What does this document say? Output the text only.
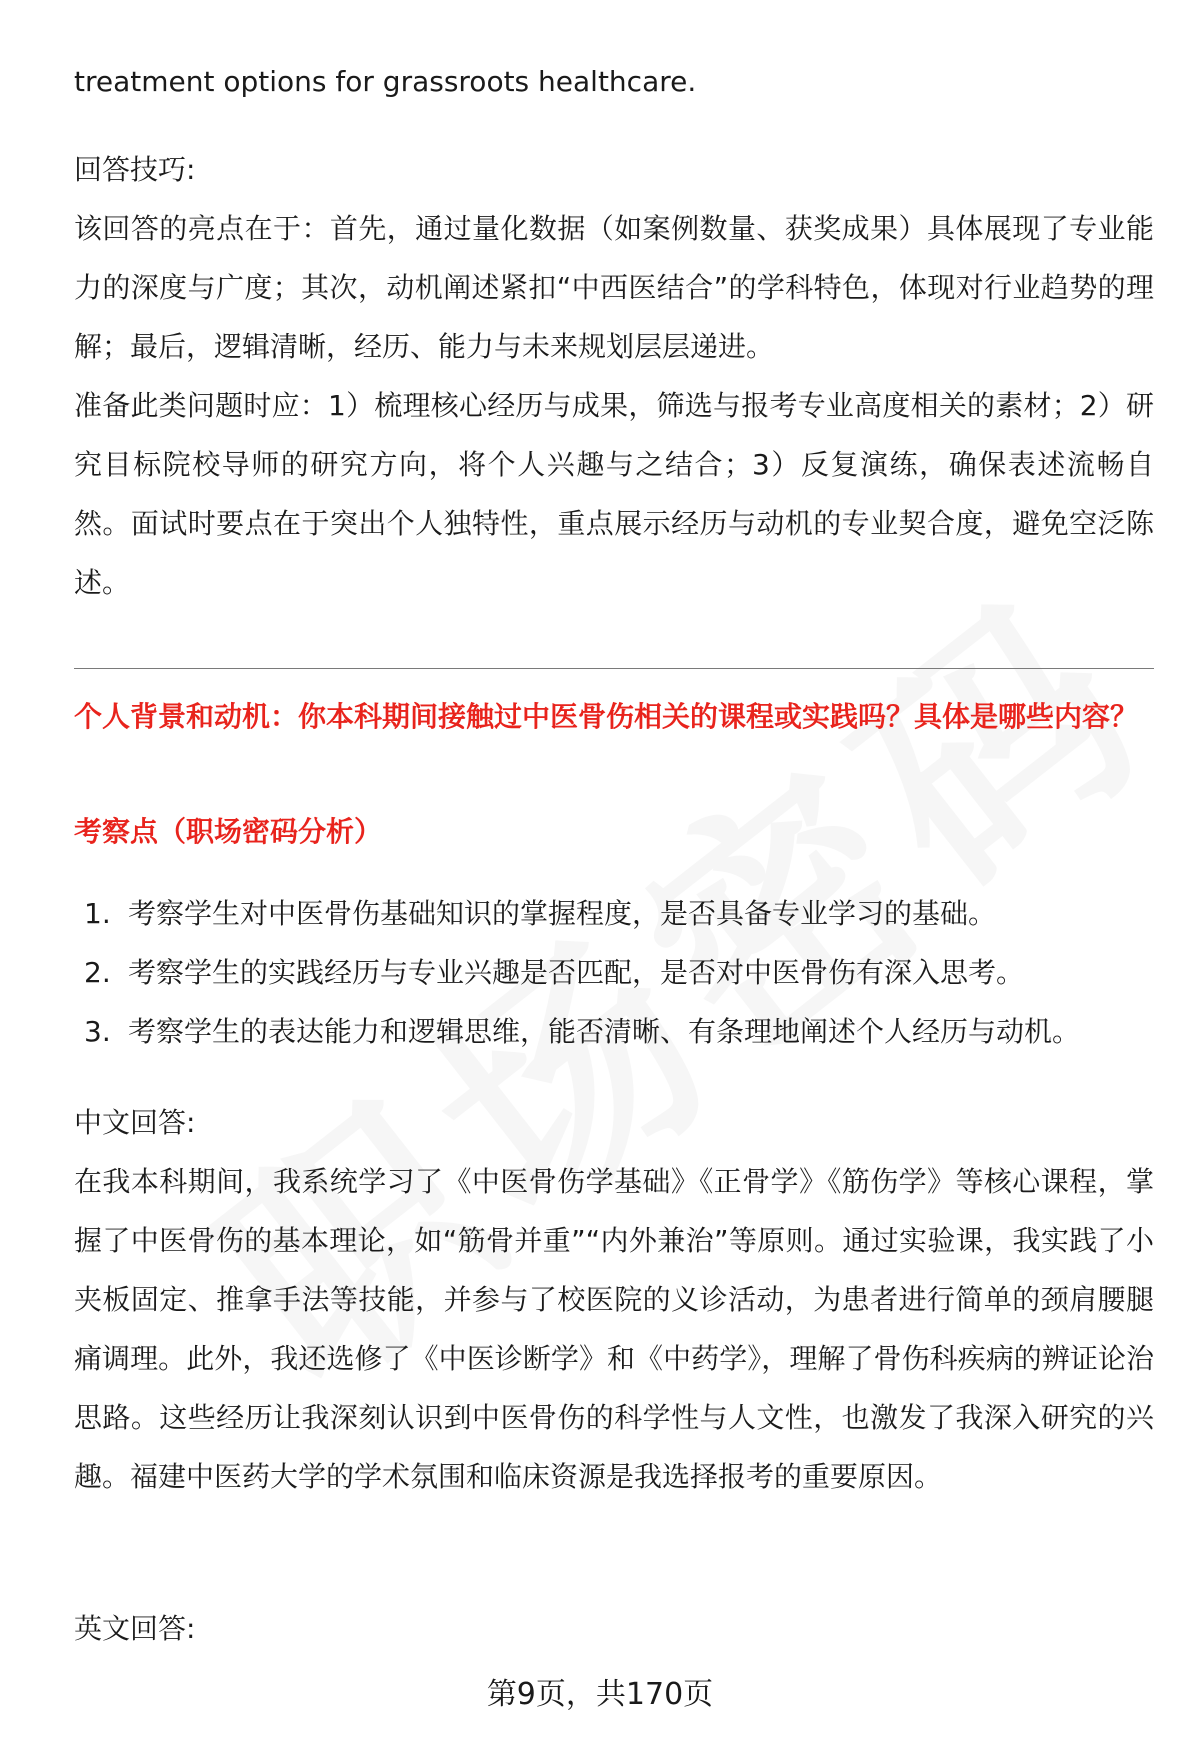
treatment options for grassroots healthcare.

回答技巧:

该回答的亮点在于：首先，通过量化数据（如案例数量、获奖成果）具体展现了专业能力的深度与广度；其次，动机阐述紧扣“中西医结合”的学科特色，体现对行业趋势的理解；最后，逻辑清晰，经历、能力与未来规划层层递进。

准备此类问题时应：1）梳理核心经历与成果，筛选与报考专业高度相关的素材；2）研究目标院校导师的研究方向，将个人兴趣与之结合；3）反复演练，确保表述流畅自然。面试时要点在于突出个人独特性，重点展示经历与动机的专业契合度，避免空泛陈述。

个人背景和动机：你本科期间接触过中医骨伤相关的课程或实践吗？具体是哪些内容？

考察点（职场密码分析）

1. 考察学生对中医骨伤基础知识的掌握程度，是否具备专业学习的基础。
2. 考察学生的实践经历与专业兴趣是否匹配，是否对中医骨伤有深入思考。
3. 考察学生的表达能力和逻辑思维，能否清晰、有条理地阐述个人经历与动机。

中文回答:

在我本科期间，我系统学习了《中医骨伤学基础》《正骨学》《筋伤学》等核心课程，掌握了中医骨伤的基本理论，如“筋骨并重”“内外兼治”等原则。通过实验课，我实践了小夹板固定、推拿手法等技能，并参与了校医院的义诊活动，为患者进行简单的颈肩腰腿痛调理。此外，我还选修了《中医诊断学》和《中药学》，理解了骨伤科疾病的辨证论治思路。这些经历让我深刻认识到中医骨伤的科学性与人文性，也激发了我深入研究的兴趣。福建中医药大学的学术氛围和临床资源是我选择报考的重要原因。

英文回答:

第9页，共170页
